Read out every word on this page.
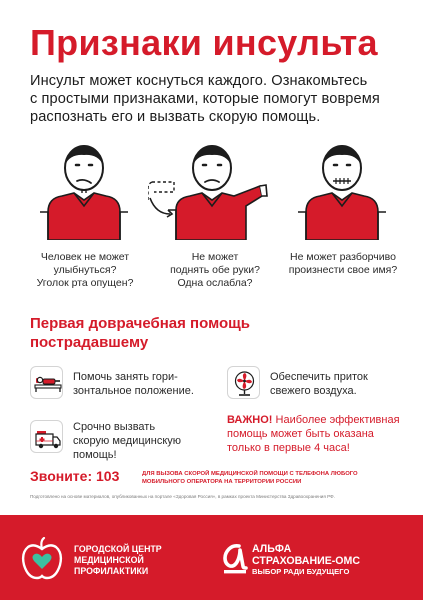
Признаки инсульта
Инсульт может коснуться каждого. Ознакомьтесь
с простыми признаками, которые помогут вовремя
распознать его и вызвать скорую помощь.
Человек не может
улыбнуться?
Уголок рта опущен?
Не может
поднять обе руки?
Одна ослабла?
Не может разборчиво
произнести свое имя?
Первая доврачебная помощь
пострадавшему
Помочь занять гори-
зонтальное положение.
Срочно вызвать
скорую медицинскую
помощь!
Обеспечить приток
свежего воздуха.
ВАЖНО! Наиболее эффективная
помощь может быть оказана
только в первые 4 часа!
Звоните: 103	ДЛЯ ВЫЗОВА СКОРОЙ МЕДИЦИНСКОЙ ПОМОЩИ С ТЕЛЕФОНА ЛЮБОГО
МОБИЛЬНОГО ОПЕРАТОРА НА ТЕРРИТОРИИ РОССИИ
Подготовлено на основе материалов, опубликованных на портале «Здоровая Россия», в рамках проекта Министерства Здравоохранения РФ.
ГОРОДСКОЙ ЦЕНТР
МЕДИЦИНСКОЙ
ПРОФИЛАКТИКИ
АЛЬФА
СТРАХОВАНИЕ-ОМС
ВЫБОР РАДИ БУДУЩЕГО
